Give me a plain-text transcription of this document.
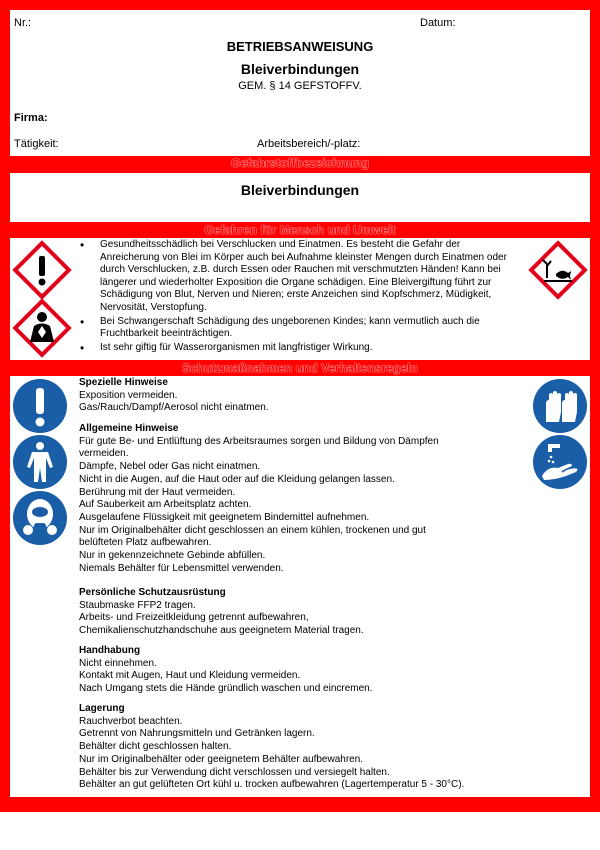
Nr.:	Datum:
BETRIEBSANWEISUNG
Bleiverbindungen
GEM. § 14 GEFSTOFFV.
Firma:
Tätigkeit:	Arbeitsbereich/-platz:
Gefahrstoffbezeichnung
Bleiverbindungen
Gefahren für Mensch und Umwelt
• Gesundheitsschädlich bei Verschlucken und Einatmen. Es besteht die Gefahr der Anreicherung von Blei im Körper auch bei Aufnahme kleinster Mengen durch Einatmen oder durch Verschlucken, z.B. durch Essen oder Rauchen mit verschmutzten Händen! Kann bei längerer und wiederholter Exposition die Organe schädigen. Eine Bleivergiftung führt zur Schädigung von Blut, Nerven und Nieren; erste Anzeichen sind Kopfschmerz, Müdigkeit, Nervosität, Verstopfung.
• Bei Schwangerschaft Schädigung des ungeborenen Kindes; kann vermutlich auch die Fruchtbarkeit beeinträchtigen.
• Ist sehr giftig für Wasserorganismen mit langfristiger Wirkung.
Schutzmaßnahmen und Verhaltensregeln
Spezielle Hinweise
Exposition vermeiden.
Gas/Rauch/Dampf/Aerosol nicht einatmen.
Allgemeine Hinweise
Für gute Be- und Entlüftung des Arbeitsraumes sorgen und Bildung von Dämpfen
vermeiden.
Dämpfe, Nebel oder Gas nicht einatmen.
Nicht in die Augen, auf die Haut oder auf die Kleidung gelangen lassen.
Berührung mit der Haut vermeiden.
Auf Sauberkeit am Arbeitsplatz achten.
Ausgelaufene Flüssigkeit mit geeignetem Bindemittel aufnehmen.
Nur im Originalbehälter dicht geschlossen an einem kühlen, trockenen und gut
belüfteten Platz aufbewahren.
Nur in gekennzeichnete Gebinde abfüllen.
Niemals Behälter für Lebensmittel verwenden.
Persönliche Schutzausrüstung
Staubmaske FFP2 tragen.
Arbeits- und Freizeitkleidung getrennt aufbewahren,
Chemikalienschutzhandschuhe aus geeignetem Material tragen.
Handhabung
Nicht einnehmen.
Kontakt mit Augen, Haut und Kleidung vermeiden.
Nach Umgang stets die Hände gründlich waschen und eincremen.
Lagerung
Rauchverbot beachten.
Getrennt von Nahrungsmitteln und Getränken lagern.
Behälter dicht geschlossen halten.
Nur im Originalbehälter oder geeignetem Behälter aufbewahren.
Behälter bis zur Verwendung dicht verschlossen und versiegelt halten.
Behälter an gut gelüfteten Ort kühl u. trocken aufbewahren (Lagertemperatur 5 - 30°C).
